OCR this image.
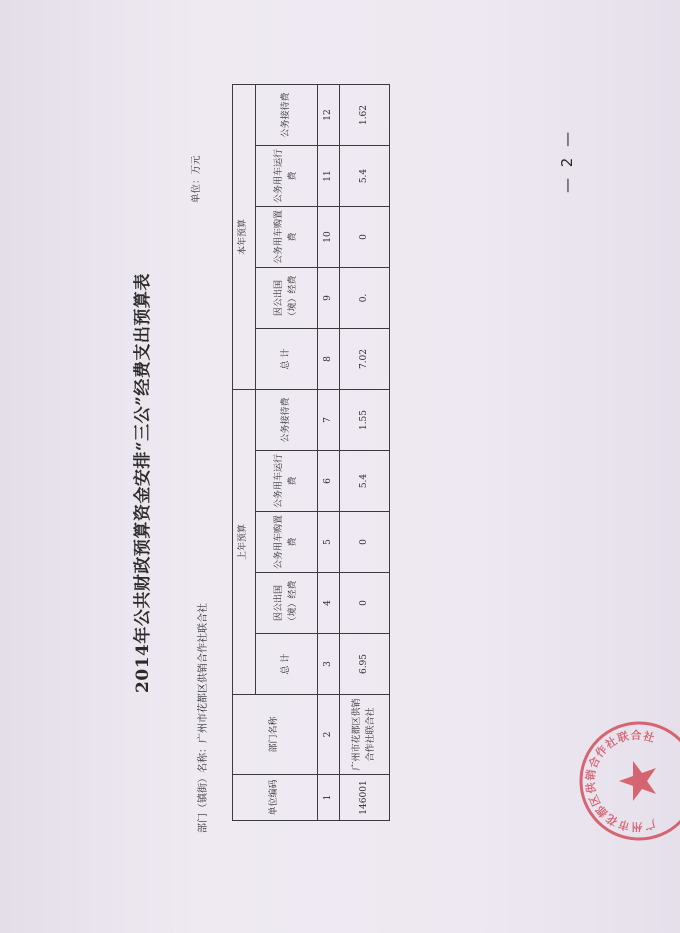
2014年公共财政预算资金安排“三公”经费支出预算表
部门（镇街）名称：广州市花都区供销合作社联合社
单位：万元
单位编码	部门名称	上年预算					本年预算				
		总 计	因公出国（境）经费	公务用车购置费	公务用车运行费	公务接待费	总 计	因公出国（境）经费	公务用车购置费	公务用车运行费	公务接待费
1	2	3	4	5	6	7	8	9	10	11	12
146001	广州市花都区供销合作社联合社	6.95	0	0	5.4	1.55	7.02	0.	0	5.4	1.62
— 2 —
广州市花都区供销合作社联合社
